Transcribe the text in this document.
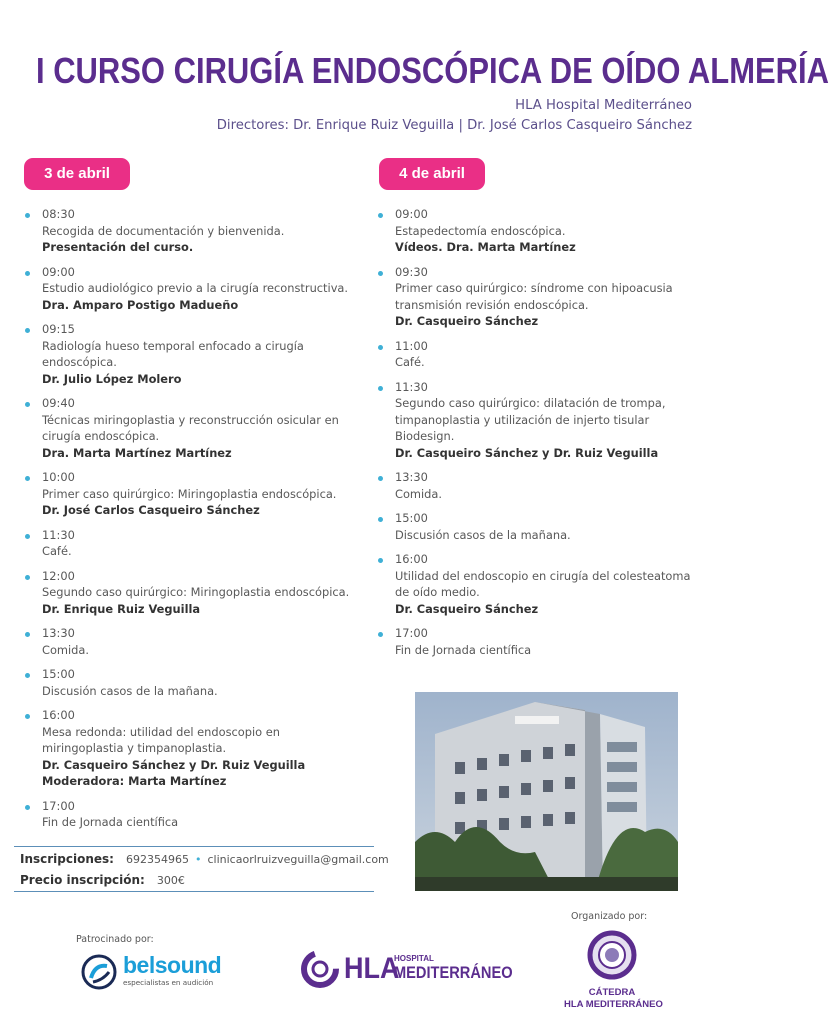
I CURSO CIRUGÍA ENDOSCÓPICA DE OÍDO ALMERÍA
HLA Hospital Mediterráneo
Directores: Dr. Enrique Ruiz Veguilla | Dr. José Carlos Casqueiro Sánchez
3 de abril	4 de abril
08:30
Recogida de documentación y bienvenida.
Presentación del curso.
09:00
Estudio audiológico previo a la cirugía reconstructiva.
Dra. Amparo Postigo Madueño
09:15
Radiología hueso temporal enfocado a cirugía endoscópica.
Dr. Julio López Molero
09:40
Técnicas miringoplastia y reconstrucción osicular en cirugía endoscópica.
Dra. Marta Martínez Martínez
10:00
Primer caso quirúrgico: Miringoplastia endoscópica.
Dr. José Carlos Casqueiro Sánchez
11:30
Café.
12:00
Segundo caso quirúrgico: Miringoplastia endoscópica.
Dr. Enrique Ruiz Veguilla
13:30
Comida.
15:00
Discusión casos de la mañana.
16:00
Mesa redonda: utilidad del endoscopio en miringoplastia y timpanoplastia.
Dr. Casqueiro Sánchez y Dr. Ruiz Veguilla
Moderadora: Marta Martínez
17:00
Fin de Jornada científica
09:00
Estapedectomía endoscópica.
Vídeos. Dra. Marta Martínez
09:30
Primer caso quirúrgico: síndrome con hipoacusia transmisión revisión endoscópica.
Dr. Casqueiro Sánchez
11:00
Café.
11:30
Segundo caso quirúrgico: dilatación de trompa, timpanoplastia y utilización de injerto tisular Biodesign.
Dr. Casqueiro Sánchez y Dr. Ruiz Veguilla
13:30
Comida.
15:00
Discusión casos de la mañana.
16:00
Utilidad del endoscopio en cirugía del colesteatoma de oído medio.
Dr. Casqueiro Sánchez
17:00
Fin de Jornada científica
Inscripciones: 692354965 • clinicaorlruizveguilla@gmail.com
Precio inscripción: 300€
Patrocinado por:
Organizado por:
belsound
especialistas en audición	HLA
HOSPITAL
MEDITERRÁNEO
CÁTEDRA
HLA MEDITERRÁNEO
